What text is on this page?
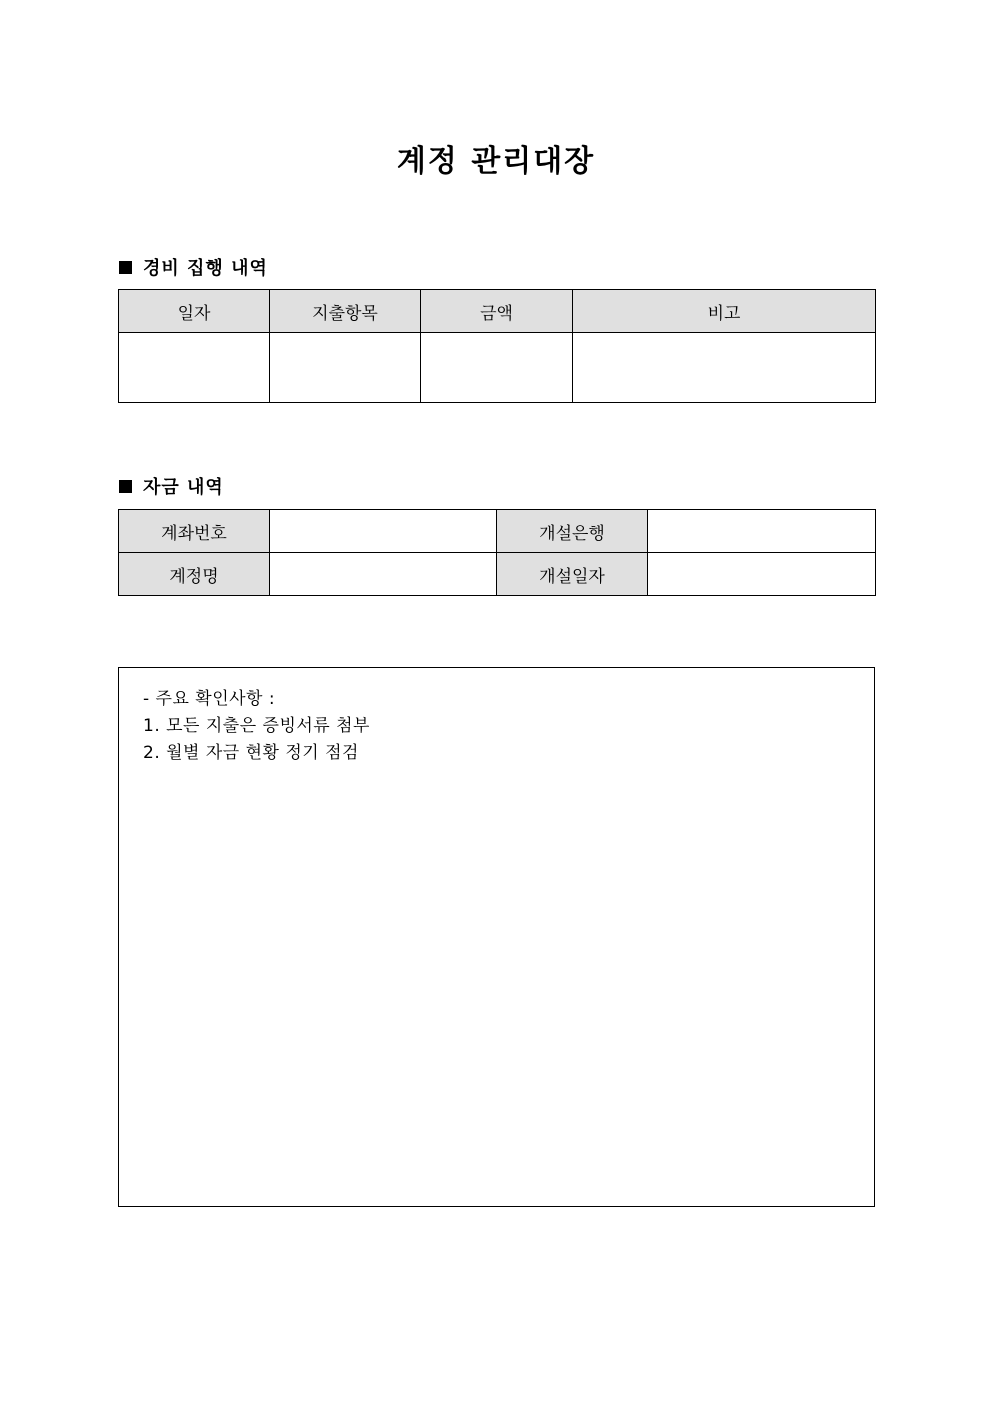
계정 관리대장
경비 집행 내역
일자	지출항목	금액	비고

자금 내역
계좌번호		개설은행	
계정명		개설일자	
- 주요 확인사항 :
1. 모든 지출은 증빙서류 첨부
2. 월별 자금 현황 정기 점검
